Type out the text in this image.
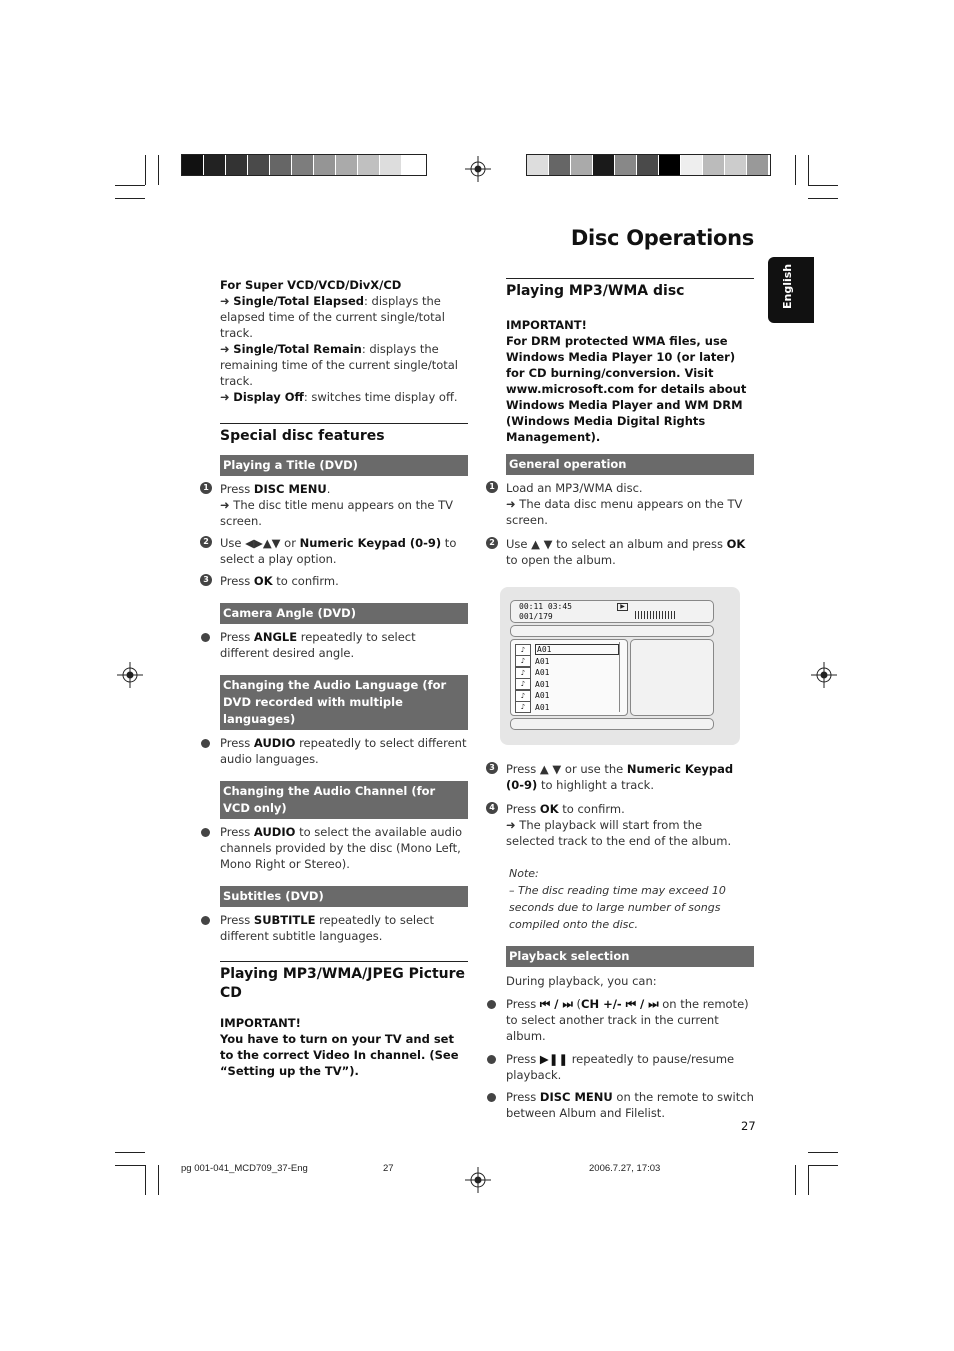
Disc Operations
English
For Super VCD/VCD/DivX/CD
➜ Single/Total Elapsed: displays the elapsed time of the current single/total track.
➜ Single/Total Remain: displays the remaining time of the current single/total track.
➜ Display Off: switches time display off.
Special disc features
Playing a Title (DVD)
1 Press DISC MENU.
➜ The disc title menu appears on the TV screen.
2 Use ◀▶▲▼ or Numeric Keypad (0-9) to select a play option.
3 Press OK to confirm.
Camera Angle (DVD)
Press ANGLE repeatedly to select different desired angle.
Changing the Audio Language (for DVD recorded with multiple languages)
Press AUDIO repeatedly to select different audio languages.
Changing the Audio Channel (for VCD only)
Press AUDIO to select the available audio channels provided by the disc (Mono Left, Mono Right or Stereo).
Subtitles (DVD)
Press SUBTITLE repeatedly to select different subtitle languages.
Playing MP3/WMA/JPEG Picture CD
IMPORTANT!
You have to turn on your TV and set to the correct Video In channel. (See “Setting up the TV”).
Playing MP3/WMA disc
IMPORTANT!
For DRM protected WMA files, use Windows Media Player 10 (or later) for CD burning/conversion. Visit www.microsoft.com for details about Windows Media Player and WM DRM (Windows Media Digital Rights Management).
General operation
1 Load an MP3/WMA disc.
➜ The data disc menu appears on the TV screen.
2 Use ▲ ▼ to select an album and press OK to open the album.
00:11 03:45
001/179
▶
♪	A01
♪	A01
♪	A01
♪	A01
♪	A01
♪	A01
3 Press ▲ ▼ or use the Numeric Keypad (0-9) to highlight a track.
4 Press OK to confirm.
➜ The playback will start from the selected track to the end of the album.
Note:
– The disc reading time may exceed 10 seconds due to large number of songs compiled onto the disc.
Playback selection
During playback, you can:
Press ⏮ / ⏭ (CH +/- ⏮ / ⏭ on the remote) to select another track in the current album.
Press ▶❚❚ repeatedly to pause/resume playback.
Press DISC MENU on the remote to switch between Album and Filelist.
27
pg 001-041_MCD709_37-Eng	27	2006.7.27, 17:03
